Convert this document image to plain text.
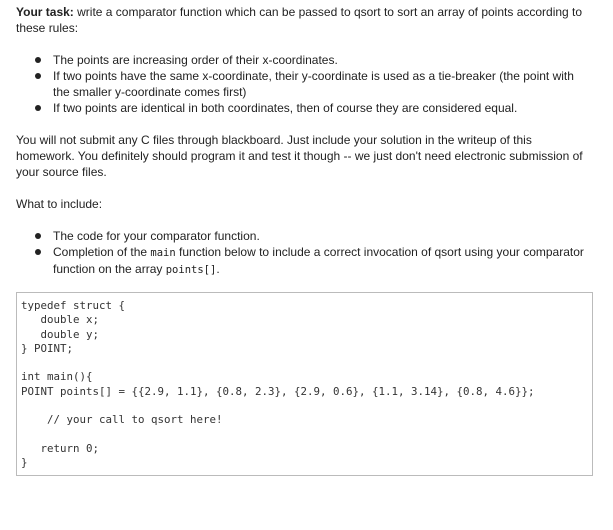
Your task: write a comparator function which can be passed to qsort to sort an array of points according to these rules:

The points are increasing order of their x-coordinates.
If two points have the same x-coordinate, their y-coordinate is used as a tie-breaker (the point with the smaller y-coordinate comes first)
If two points are identical in both coordinates, then of course they are considered equal.

You will not submit any C files through blackboard. Just include your solution in the writeup of this homework. You definitely should program it and test it though -- we just don't need electronic submission of your source files.

What to include:

The code for your comparator function.
Completion of the main function below to include a correct invocation of qsort using your comparator function on the array points[].
typedef struct {
double x;
double y;
} POINT;
int main(){
POINT points[] = {{2.9, 1.1}, {0.8, 2.3}, {2.9, 0.6}, {1.1, 3.14}, {0.8, 4.6}};
// your call to qsort here!
return 0;
}
